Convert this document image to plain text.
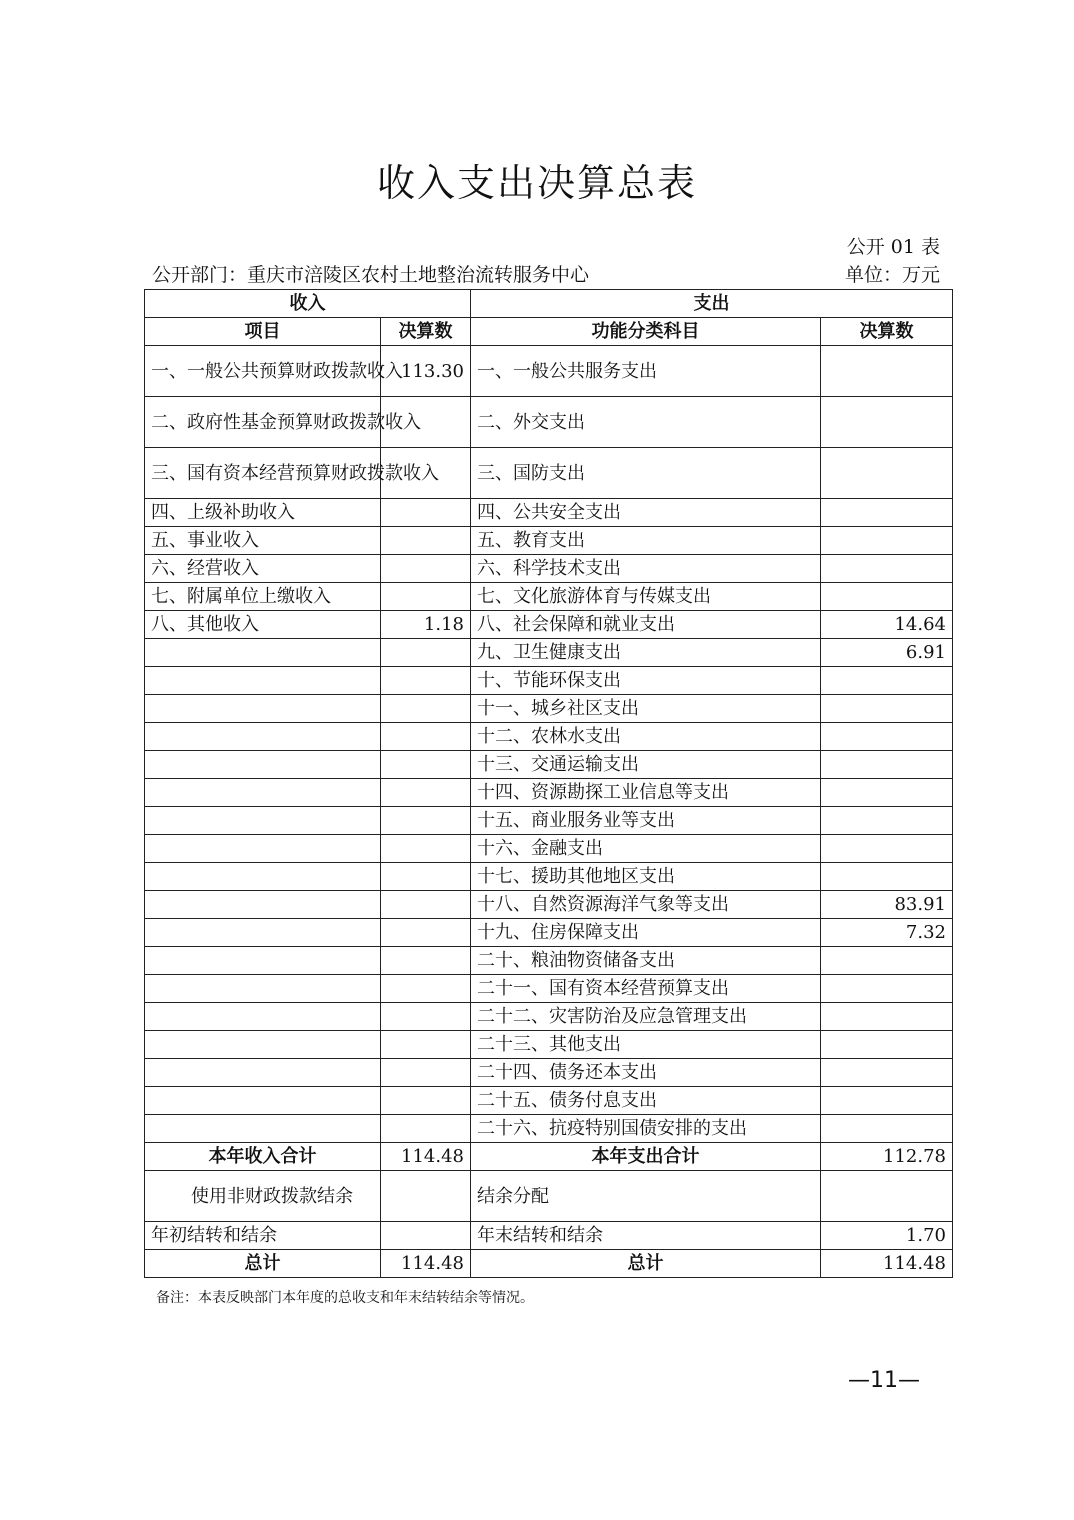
收入支出决算总表
公开 01 表
公开部门：重庆市涪陵区农村土地整治流转服务中心	单位：万元
收入		支出	
项目	决算数	功能分类科目	决算数
一、一般公共预算财政拨款收入	113.30	一、一般公共服务支出	
二、政府性基金预算财政拨款收入		二、外交支出	
三、国有资本经营预算财政拨款收入		三、国防支出	
四、上级补助收入		四、公共安全支出	
五、事业收入		五、教育支出	
六、经营收入		六、科学技术支出	
七、附属单位上缴收入		七、文化旅游体育与传媒支出	
八、其他收入	1.18	八、社会保障和就业支出	14.64
		九、卫生健康支出	6.91
		十、节能环保支出	
		十一、城乡社区支出	
		十二、农林水支出	
		十三、交通运输支出	
		十四、资源勘探工业信息等支出	
		十五、商业服务业等支出	
		十六、金融支出	
		十七、援助其他地区支出	
		十八、自然资源海洋气象等支出	83.91
		十九、住房保障支出	7.32
		二十、粮油物资储备支出	
		二十一、国有资本经营预算支出	
		二十二、灾害防治及应急管理支出	
		二十三、其他支出	
		二十四、债务还本支出	
		二十五、债务付息支出	
		二十六、抗疫特别国债安排的支出	
本年收入合计	114.48	本年支出合计	112.78
使用非财政拨款结余		结余分配	
年初结转和结余		年末结转和结余	1.70
总计	114.48	总计	114.48
备注：本表反映部门本年度的总收支和年末结转结余等情况。
—11—
